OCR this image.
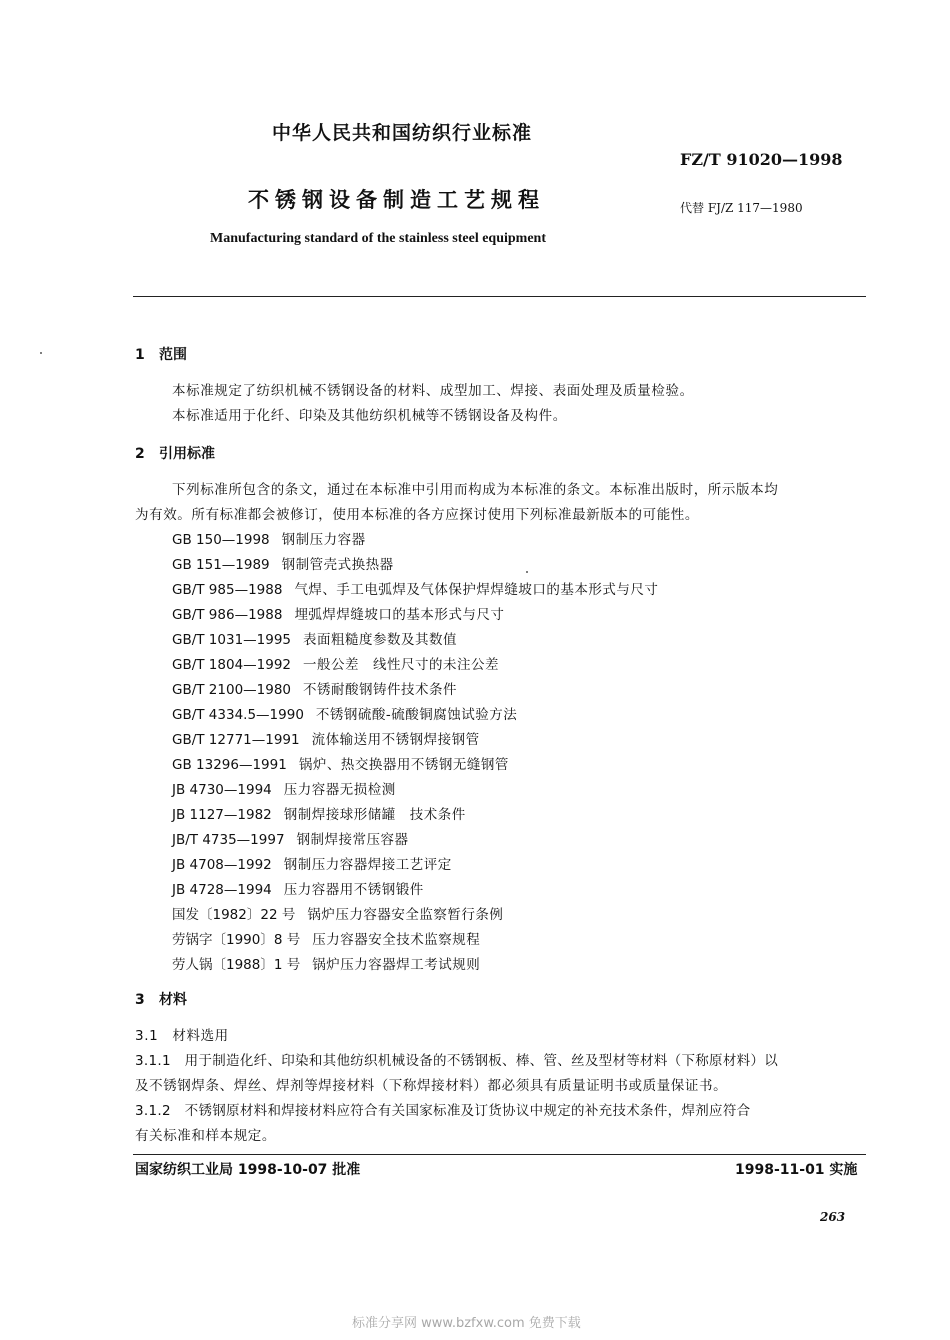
中华人民共和国纺织行业标准
FZ/T 91020—1998
不锈钢设备制造工艺规程	代替 FJ/Z 117—1980
Manufacturing standard of the stainless steel equipment
1 范围
本标准规定了纺织机械不锈钢设备的材料、成型加工、焊接、表面处理及质量检验。
本标准适用于化纤、印染及其他纺织机械等不锈钢设备及构件。
2 引用标准
下列标准所包含的条文，通过在本标准中引用而构成为本标准的条文。本标准出版时，所示版本均
为有效。所有标准都会被修订，使用本标准的各方应探讨使用下列标准最新版本的可能性。
GB 150—1998 钢制压力容器
GB 151—1989 钢制管壳式换热器
GB/T 985—1988 气焊、手工电弧焊及气体保护焊焊缝坡口的基本形式与尺寸
GB/T 986—1988 埋弧焊焊缝坡口的基本形式与尺寸
GB/T 1031—1995 表面粗糙度参数及其数值
GB/T 1804—1992 一般公差　线性尺寸的未注公差
GB/T 2100—1980 不锈耐酸钢铸件技术条件
GB/T 4334.5—1990 不锈钢硫酸-硫酸铜腐蚀试验方法
GB/T 12771—1991 流体输送用不锈钢焊接钢管
GB 13296—1991 锅炉、热交换器用不锈钢无缝钢管
JB 4730—1994 压力容器无损检测
JB 1127—1982 钢制焊接球形储罐　技术条件
JB/T 4735—1997 钢制焊接常压容器
JB 4708—1992 钢制压力容器焊接工艺评定
JB 4728—1994 压力容器用不锈钢锻件
国发〔1982〕22 号 锅炉压力容器安全监察暂行条例
劳锅字〔1990〕8 号 压力容器安全技术监察规程
劳人锅〔1988〕1 号 锅炉压力容器焊工考试规则
3 材料
3.1　材料选用
3.1.1　用于制造化纤、印染和其他纺织机械设备的不锈钢板、棒、管、丝及型材等材料（下称原材料）以
及不锈钢焊条、焊丝、焊剂等焊接材料（下称焊接材料）都必须具有质量证明书或质量保证书。
3.1.2　不锈钢原材料和焊接材料应符合有关国家标准及订货协议中规定的补充技术条件，焊剂应符合
有关标准和样本规定。
国家纺织工业局 1998-10-07 批准	1998-11-01 实施
263
标准分享网 www.bzfxw.com 免费下载
